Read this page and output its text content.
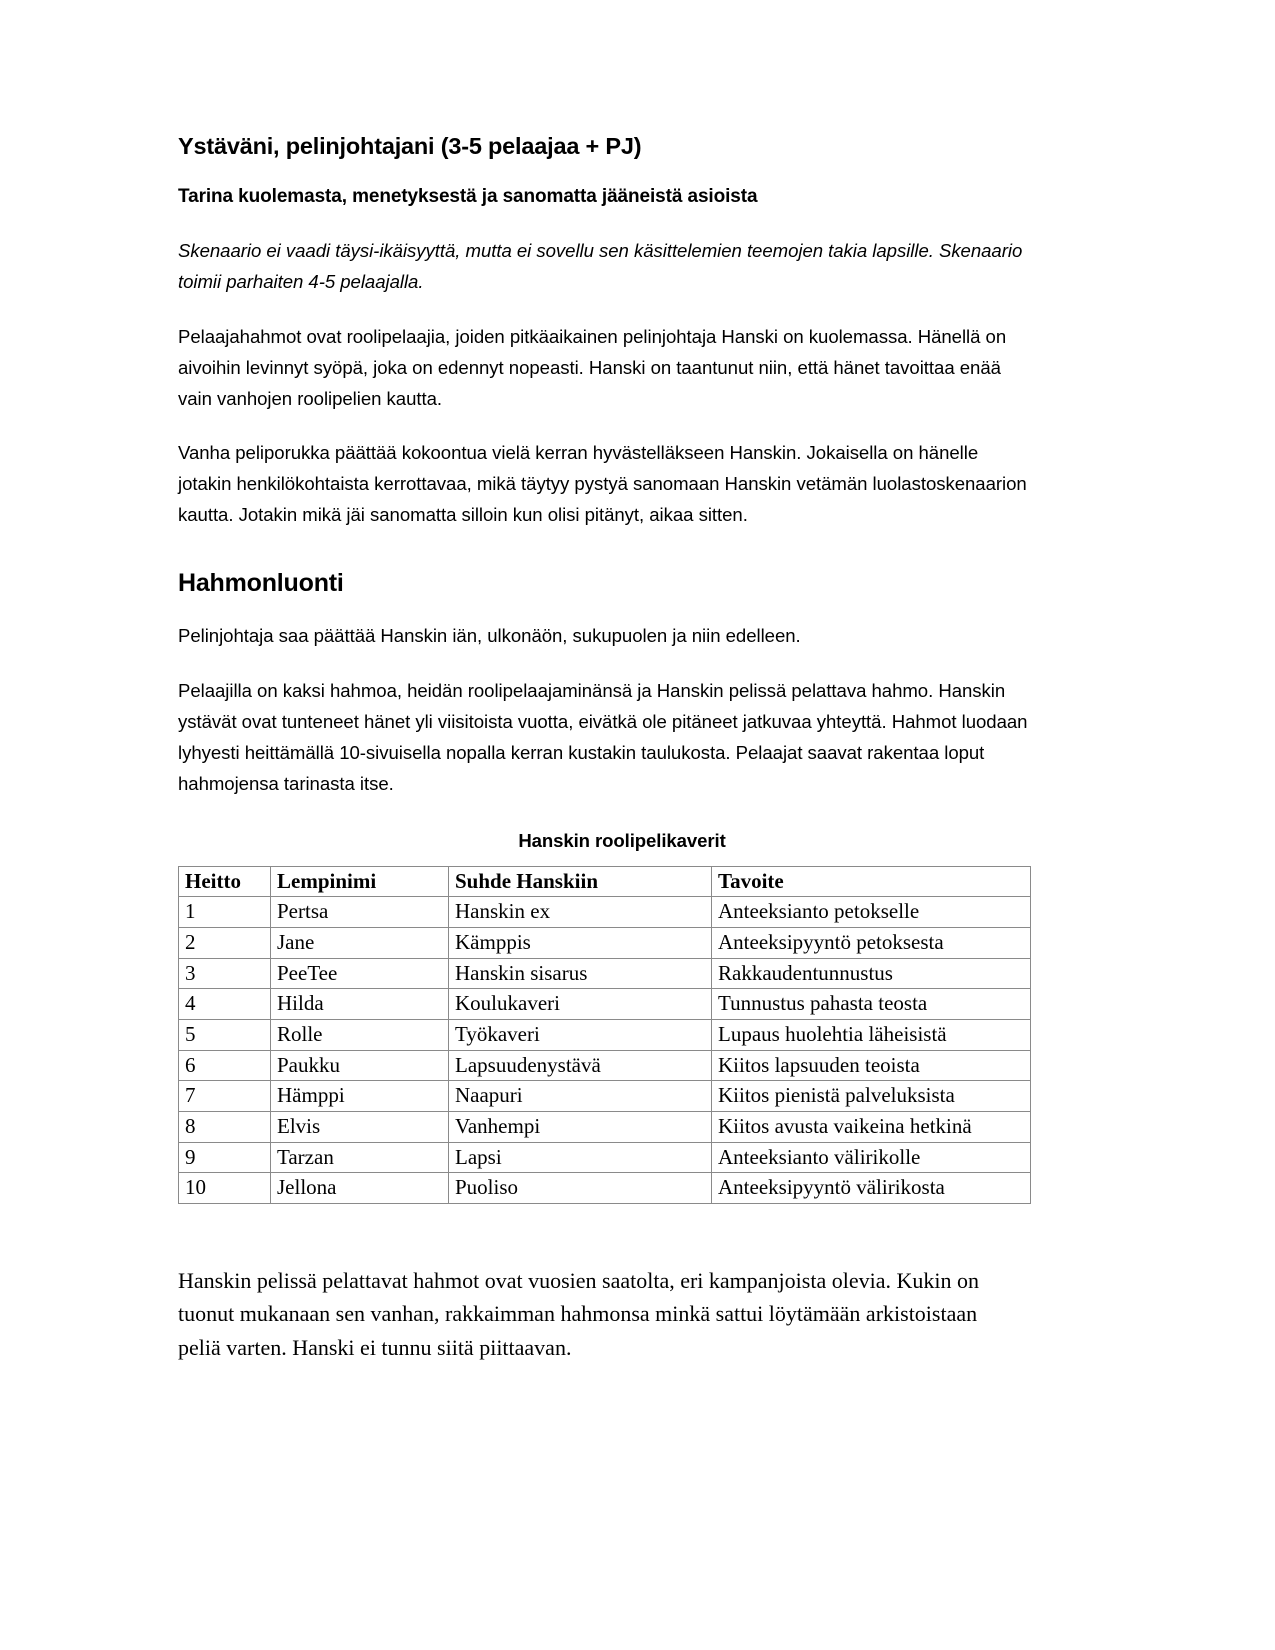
Ystäväni, pelinjohtajani (3-5 pelaajaa + PJ)
Tarina kuolemasta, menetyksestä ja sanomatta jääneistä asioista

Skenaario ei vaadi täysi-ikäisyyttä, mutta ei sovellu sen käsittelemien teemojen takia lapsille. Skenaario toimii parhaiten 4-5 pelaajalla.

Pelaajahahmot ovat roolipelaajia, joiden pitkäaikainen pelinjohtaja Hanski on kuolemassa. Hänellä on aivoihin levinnyt syöpä, joka on edennyt nopeasti. Hanski on taantunut niin, että hänet tavoittaa enää vain vanhojen roolipelien kautta.

Vanha peliporukka päättää kokoontua vielä kerran hyvästelläkseen Hanskin. Jokaisella on hänelle jotakin henkilökohtaista kerrottavaa, mikä täytyy pystyä sanomaan Hanskin vetämän luolastoskenaarion kautta. Jotakin mikä jäi sanomatta silloin kun olisi pitänyt, aikaa sitten.

Hahmonluonti

Pelinjohtaja saa päättää Hanskin iän, ulkonäön, sukupuolen ja niin edelleen.

Pelaajilla on kaksi hahmoa, heidän roolipelaajaminänsä ja Hanskin pelissä pelattava hahmo. Hanskin ystävät ovat tunteneet hänet yli viisitoista vuotta, eivätkä ole pitäneet jatkuvaa yhteyttä. Hahmot luodaan lyhyesti heittämällä 10-sivuisella nopalla kerran kustakin taulukosta. Pelaajat saavat rakentaa loput hahmojensa tarinasta itse.

Hanskin roolipelikaverit
Heitto	Lempinimi	Suhde Hanskiin	Tavoite
1	Pertsa	Hanskin ex	Anteeksianto petokselle
2	Jane	Kämppis	Anteeksipyyntö petoksesta
3	PeeTee	Hanskin sisarus	Rakkaudentunnustus
4	Hilda	Koulukaveri	Tunnustus pahasta teosta
5	Rolle	Työkaveri	Lupaus huolehtia läheisistä
6	Paukku	Lapsuudenystävä	Kiitos lapsuuden teoista
7	Hämppi	Naapuri	Kiitos pienistä palveluksista
8	Elvis	Vanhempi	Kiitos avusta vaikeina hetkinä
9	Tarzan	Lapsi	Anteeksianto välirikolle
10	Jellona	Puoliso	Anteeksipyyntö välirikosta

Hanskin pelissä pelattavat hahmot ovat vuosien saatolta, eri kampanjoista olevia. Kukin on tuonut mukanaan sen vanhan, rakkaimman hahmonsa minkä sattui löytämään arkistoistaan peliä varten. Hanski ei tunnu siitä piittaavan.
